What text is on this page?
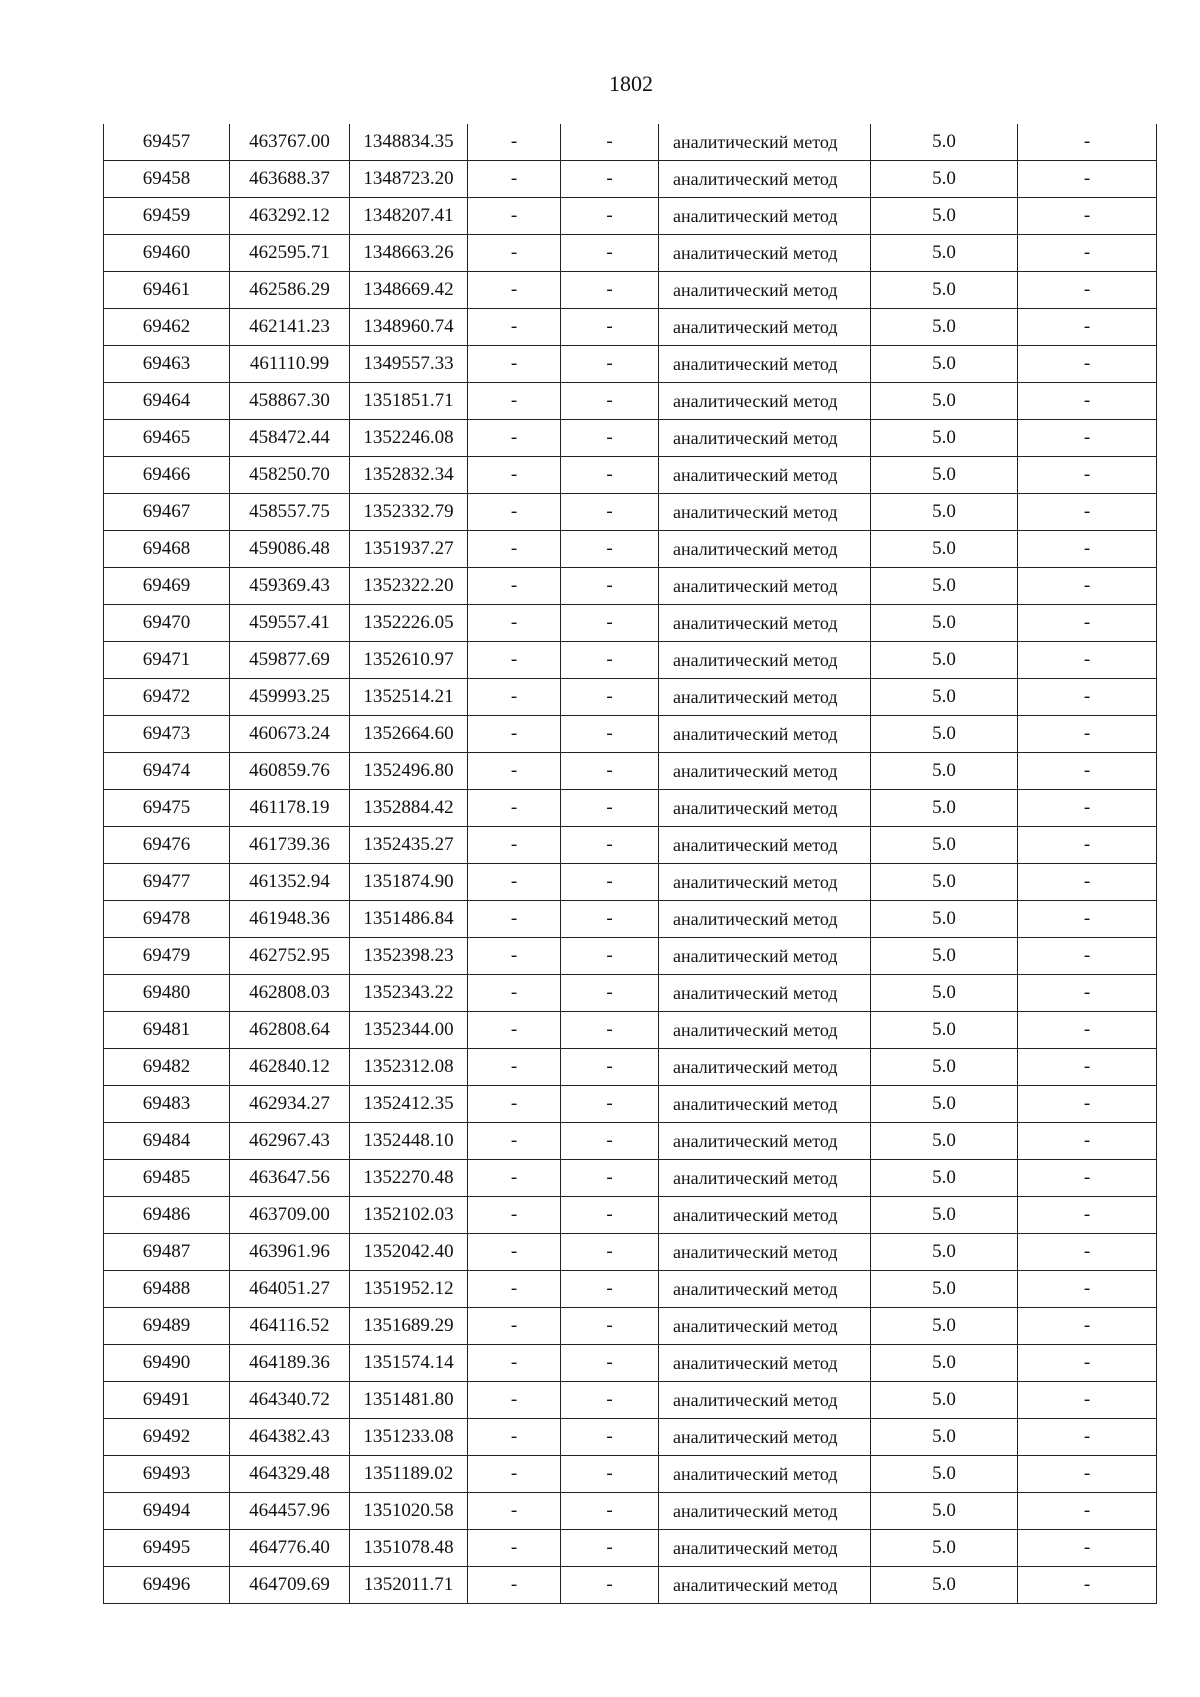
1802
69457	463767.00	1348834.35	-	-	аналитический метод	5.0	-
69458	463688.37	1348723.20	-	-	аналитический метод	5.0	-
69459	463292.12	1348207.41	-	-	аналитический метод	5.0	-
69460	462595.71	1348663.26	-	-	аналитический метод	5.0	-
69461	462586.29	1348669.42	-	-	аналитический метод	5.0	-
69462	462141.23	1348960.74	-	-	аналитический метод	5.0	-
69463	461110.99	1349557.33	-	-	аналитический метод	5.0	-
69464	458867.30	1351851.71	-	-	аналитический метод	5.0	-
69465	458472.44	1352246.08	-	-	аналитический метод	5.0	-
69466	458250.70	1352832.34	-	-	аналитический метод	5.0	-
69467	458557.75	1352332.79	-	-	аналитический метод	5.0	-
69468	459086.48	1351937.27	-	-	аналитический метод	5.0	-
69469	459369.43	1352322.20	-	-	аналитический метод	5.0	-
69470	459557.41	1352226.05	-	-	аналитический метод	5.0	-
69471	459877.69	1352610.97	-	-	аналитический метод	5.0	-
69472	459993.25	1352514.21	-	-	аналитический метод	5.0	-
69473	460673.24	1352664.60	-	-	аналитический метод	5.0	-
69474	460859.76	1352496.80	-	-	аналитический метод	5.0	-
69475	461178.19	1352884.42	-	-	аналитический метод	5.0	-
69476	461739.36	1352435.27	-	-	аналитический метод	5.0	-
69477	461352.94	1351874.90	-	-	аналитический метод	5.0	-
69478	461948.36	1351486.84	-	-	аналитический метод	5.0	-
69479	462752.95	1352398.23	-	-	аналитический метод	5.0	-
69480	462808.03	1352343.22	-	-	аналитический метод	5.0	-
69481	462808.64	1352344.00	-	-	аналитический метод	5.0	-
69482	462840.12	1352312.08	-	-	аналитический метод	5.0	-
69483	462934.27	1352412.35	-	-	аналитический метод	5.0	-
69484	462967.43	1352448.10	-	-	аналитический метод	5.0	-
69485	463647.56	1352270.48	-	-	аналитический метод	5.0	-
69486	463709.00	1352102.03	-	-	аналитический метод	5.0	-
69487	463961.96	1352042.40	-	-	аналитический метод	5.0	-
69488	464051.27	1351952.12	-	-	аналитический метод	5.0	-
69489	464116.52	1351689.29	-	-	аналитический метод	5.0	-
69490	464189.36	1351574.14	-	-	аналитический метод	5.0	-
69491	464340.72	1351481.80	-	-	аналитический метод	5.0	-
69492	464382.43	1351233.08	-	-	аналитический метод	5.0	-
69493	464329.48	1351189.02	-	-	аналитический метод	5.0	-
69494	464457.96	1351020.58	-	-	аналитический метод	5.0	-
69495	464776.40	1351078.48	-	-	аналитический метод	5.0	-
69496	464709.69	1352011.71	-	-	аналитический метод	5.0	-
